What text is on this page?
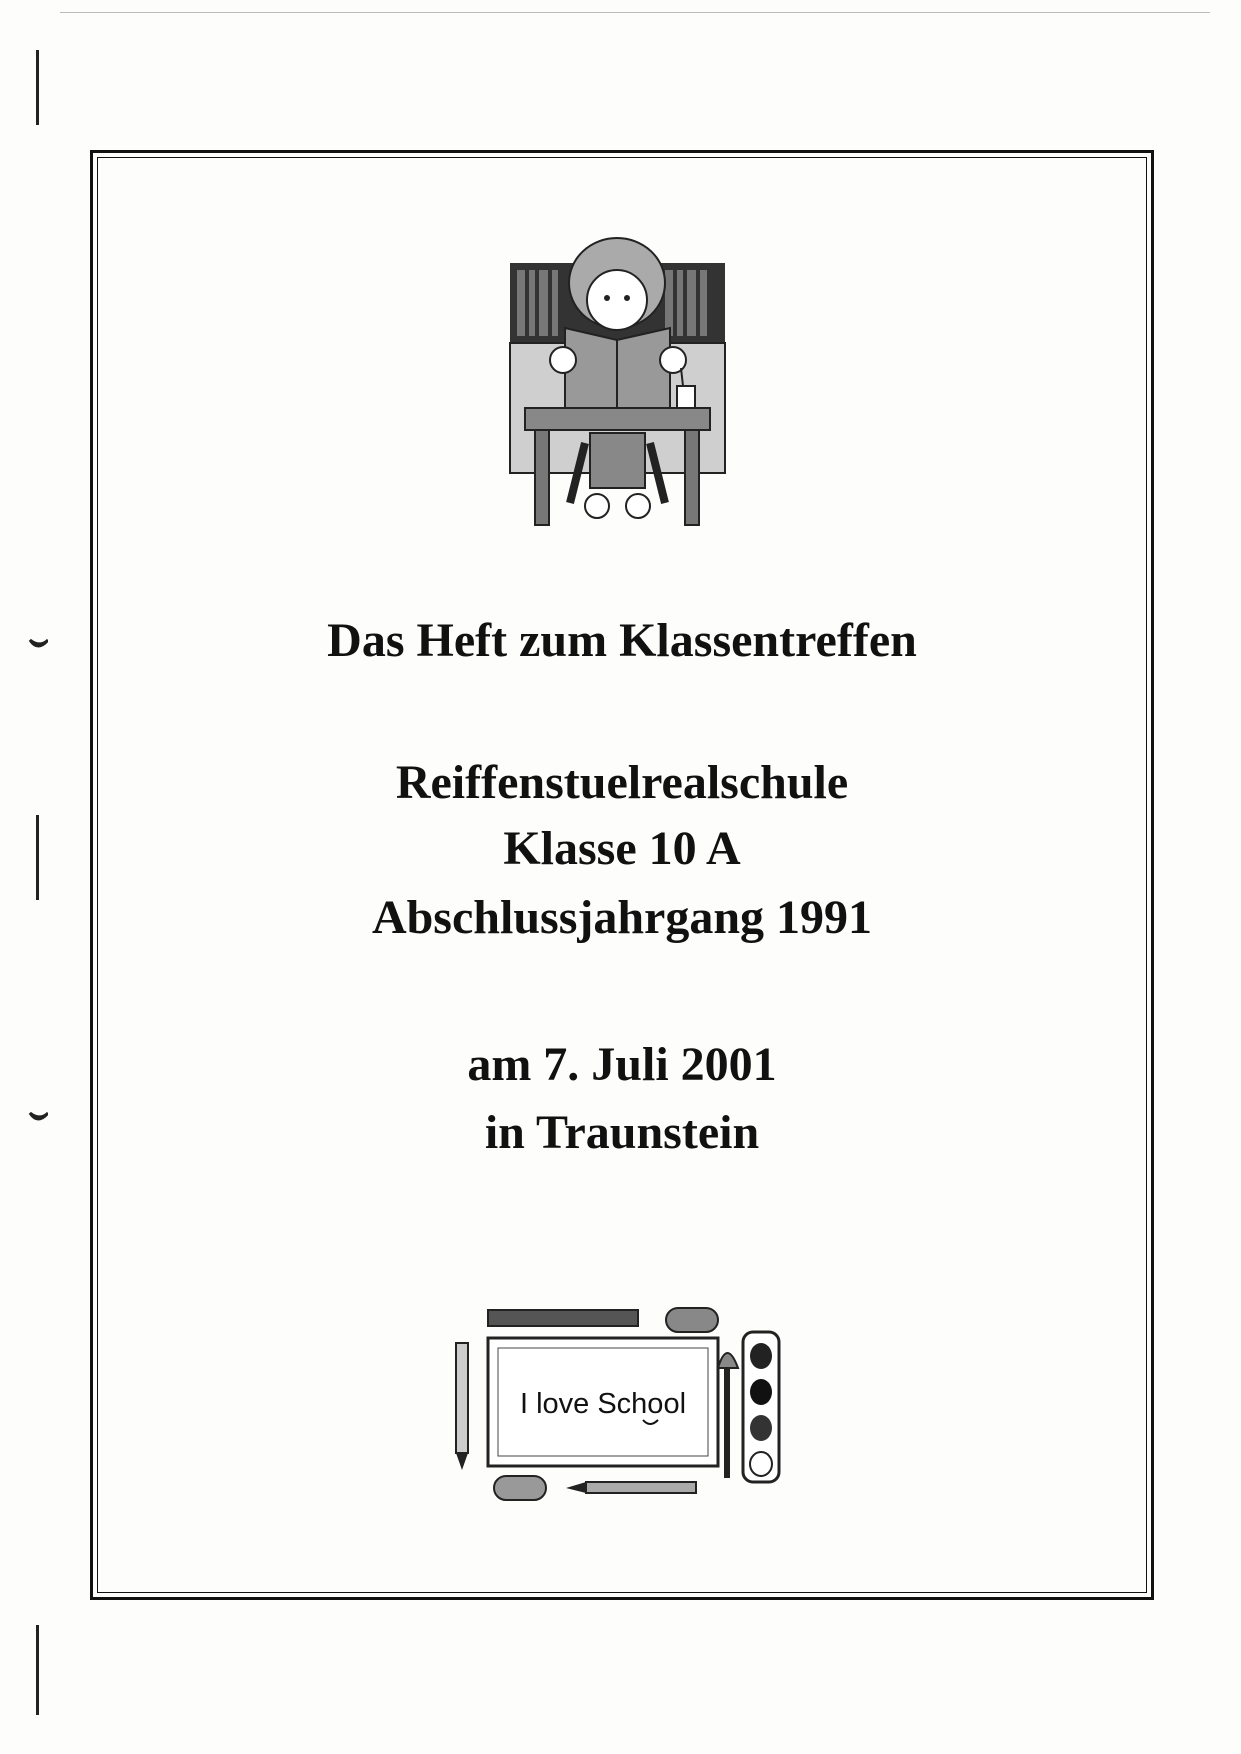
Das Heft zum Klassentreffen
Reiffenstuelrealschule
Klasse 10 A
Abschlussjahrgang 1991
am 7. Juli 2001
in Traunstein
I love School
